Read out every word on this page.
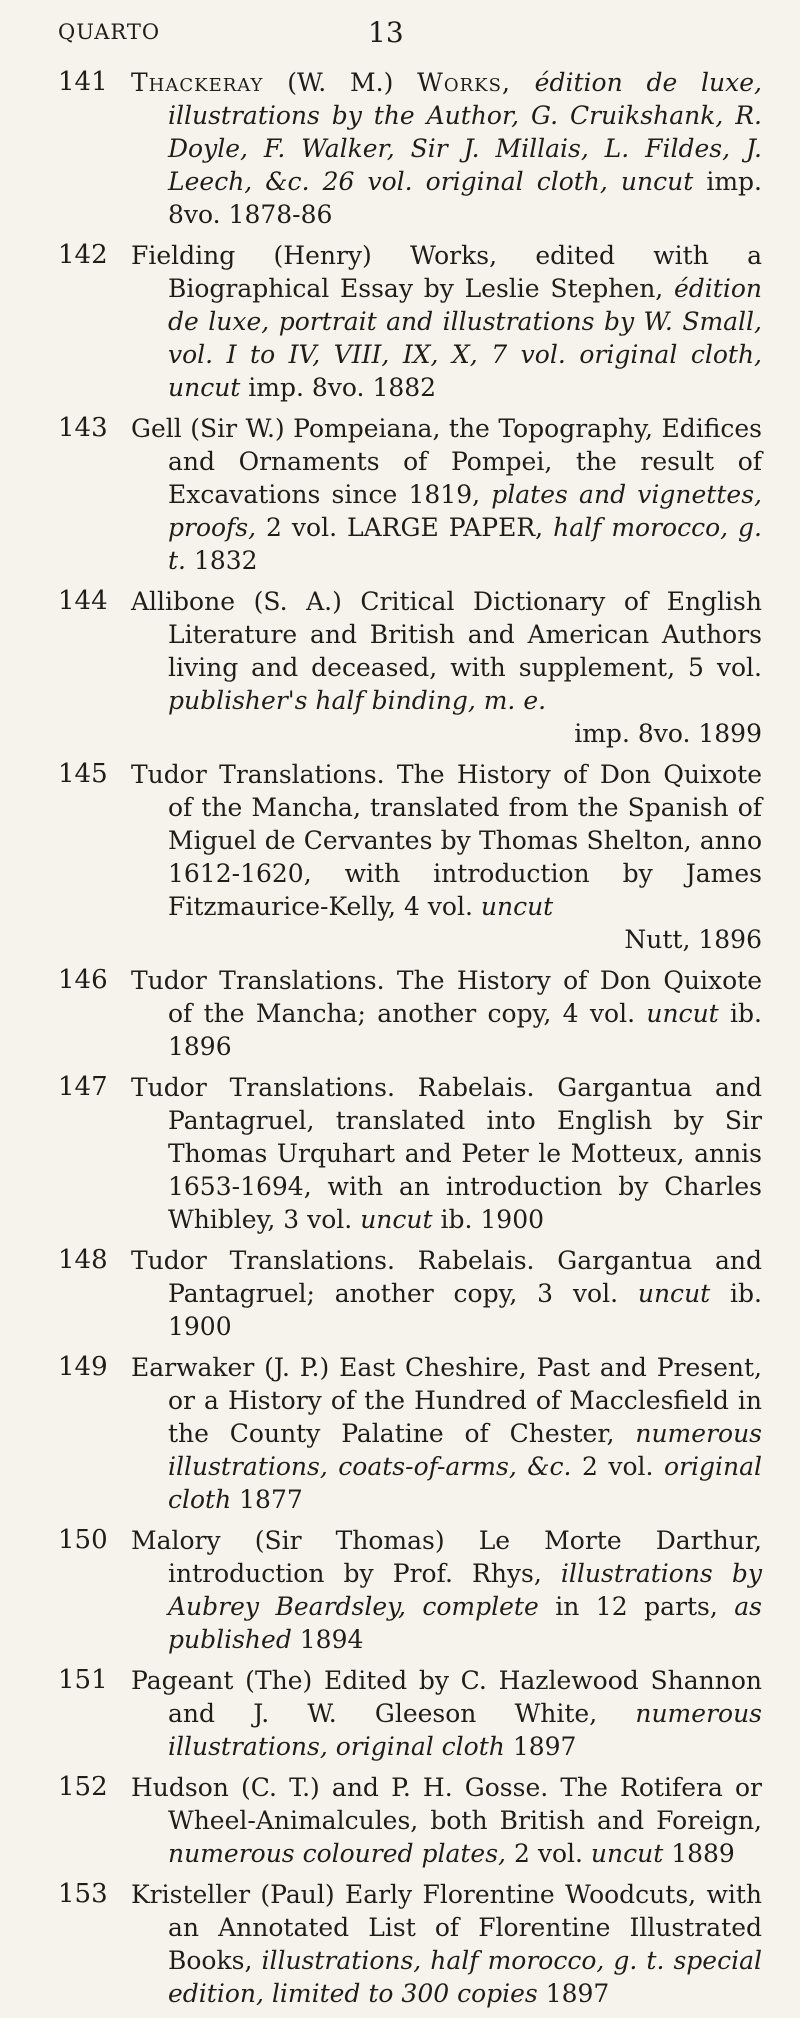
QUARTO	13
141 Thackeray (W. M.) Works, édition de luxe, illustrations by the Author, G. Cruikshank, R. Doyle, F. Walker, Sir J. Millais, L. Fildes, J. Leech, &c. 26 vol. original cloth, uncut imp. 8vo. 1878-86
142 Fielding (Henry) Works, edited with a Biographical Essay by Leslie Stephen, édition de luxe, portrait and illustrations by W. Small, vol. I to IV, VIII, IX, X, 7 vol. original cloth, uncut imp. 8vo. 1882
143 Gell (Sir W.) Pompeiana, the Topography, Edifices and Ornaments of Pompei, the result of Excavations since 1819, plates and vignettes, proofs, 2 vol. LARGE PAPER, half morocco, g. t. 1832
144 Allibone (S. A.) Critical Dictionary of English Literature and British and American Authors living and deceased, with supplement, 5 vol. publisher's half binding, m. e.
imp. 8vo. 1899
145 Tudor Translations. The History of Don Quixote of the Mancha, translated from the Spanish of Miguel de Cervantes by Thomas Shelton, anno 1612-1620, with introduction by James Fitzmaurice-Kelly, 4 vol. uncut
Nutt, 1896
146 Tudor Translations. The History of Don Quixote of the Mancha; another copy, 4 vol. uncut ib. 1896
147 Tudor Translations. Rabelais. Gargantua and Pantagruel, translated into English by Sir Thomas Urquhart and Peter le Motteux, annis 1653-1694, with an introduction by Charles Whibley, 3 vol. uncut ib. 1900
148 Tudor Translations. Rabelais. Gargantua and Pantagruel; another copy, 3 vol. uncut ib. 1900
149 Earwaker (J. P.) East Cheshire, Past and Present, or a History of the Hundred of Macclesfield in the County Palatine of Chester, numerous illustrations, coats-of-arms, &c. 2 vol. original cloth 1877
150 Malory (Sir Thomas) Le Morte Darthur, introduction by Prof. Rhys, illustrations by Aubrey Beardsley, complete in 12 parts, as published 1894
151 Pageant (The) Edited by C. Hazlewood Shannon and J. W. Gleeson White, numerous illustrations, original cloth 1897
152 Hudson (C. T.) and P. H. Gosse. The Rotifera or Wheel-Animalcules, both British and Foreign, numerous coloured plates, 2 vol. uncut 1889
153 Kristeller (Paul) Early Florentine Woodcuts, with an Annotated List of Florentine Illustrated Books, illustrations, half morocco, g. t. special edition, limited to 300 copies 1897
